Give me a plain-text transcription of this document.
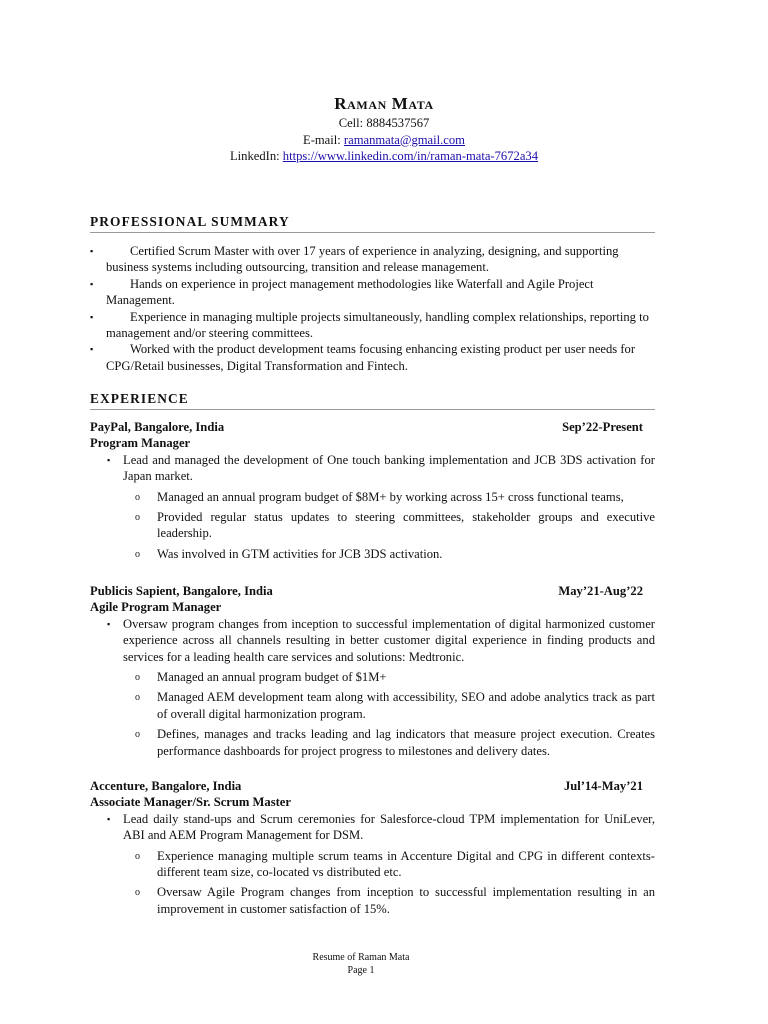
Raman Mata
Cell: 8884537567
E-mail: ramanmata@gmail.com
LinkedIn: https://www.linkedin.com/in/raman-mata-7672a34
PROFESSIONAL SUMMARY
▪	Certified Scrum Master with over 17 years of experience in analyzing, designing, and supporting business systems including outsourcing, transition and release management.
▪	Hands on experience in project management methodologies like Waterfall and Agile Project Management.
▪	Experience in managing multiple projects simultaneously, handling complex relationships, reporting to management and/or steering committees.
▪	Worked with the product development teams focusing enhancing existing product per user needs for CPG/Retail businesses, Digital Transformation and Fintech.
EXPERIENCE
PayPal, Bangalore, India	Sep’22-Present
Program Manager
▪ Lead and managed the development of One touch banking implementation and JCB 3DS activation for Japan market.
o Managed an annual program budget of $8M+ by working across 15+ cross functional teams,
o Provided regular status updates to steering committees, stakeholder groups and executive leadership.
o Was involved in GTM activities for JCB 3DS activation.
Publicis Sapient, Bangalore, India	May’21-Aug’22
Agile Program Manager
▪ Oversaw program changes from inception to successful implementation of digital harmonized customer experience across all channels resulting in better customer digital experience in finding products and services for a leading health care services and solutions: Medtronic.
o Managed an annual program budget of $1M+
o Managed AEM development team along with accessibility, SEO and adobe analytics track as part of overall digital harmonization program.
o Defines, manages and tracks leading and lag indicators that measure project execution. Creates performance dashboards for project progress to milestones and delivery dates.
Accenture, Bangalore, India	Jul’14-May’21
Associate Manager/Sr. Scrum Master
▪ Lead daily stand-ups and Scrum ceremonies for Salesforce-cloud TPM implementation for UniLever, ABI and AEM Program Management for DSM.
o Experience managing multiple scrum teams in Accenture Digital and CPG in different contexts- different team size, co-located vs distributed etc.
o Oversaw Agile Program changes from inception to successful implementation resulting in an improvement in customer satisfaction of 15%.
Resume of Raman Mata
Page 1
